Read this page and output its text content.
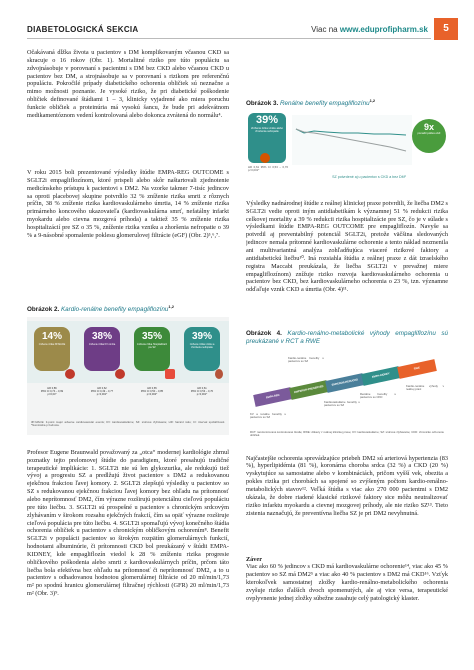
DIABETOLOGICKÁ SEKCIA	Viac na www.eduprofipharm.sk	5

Očakávaná dĺžka života u pacientov s DM komplikovaným včasnou CKD sa skracuje o 16 rokov (Obr. 1). Mortalitné riziko pre túto populáciu sa zdvojnásobuje v porovnaní s pacientmi s DM bez CKD alebo včasnou CKD u pacientov bez DM, a strojnásobuje sa v porovnaní s rizikom pre referenčnú populáciu. Pokročilé prípady diabetického ochorenia obličiek sú neznačne a mimo možnosti poznanie. Je vysoké riziko, že pri diabetické poškodenie obličiek definované štádiami 1 – 3, klinicky vyjadrené ako miera poruchu funkcie obličiek a proteinúria má vysokú šancu, že bude pri adekvátnom medikamentóznom vedení kontrolovaná alebo dokonca zvrátená do normálu⁴.

V roku 2015 boli prezentované výsledky štúdie EMPA-REG OUTCOME s SGLT2i empagliflozínom, ktoré prispeli alebo skôr naštartovali zjednotenie medicínskeho prístupu k pacientovi s DM2. Na vzorke takmer 7-tisíc jedincov sa oproti placebovej skupine potvrdilo 32 % zníženie rizika smrti z rôznych príčin, 38 % zníženie rizika kardiovaskulárneho úmrtia, 14 % zníženie rizika primárneho koncového ukazovateľa (kardiovaskulárna smrť, nefatálny infarkt myokardu alebo cievna mozgová príhoda) a taktiež 35 % zníženie rizika hospitalizácií pre SZ o 35 %, zníženie rizika vzniku a zhoršenia nefropatie o 39 % a 9-násobné spomalenie poklesu glomerulovej filtrácie (eGF) (Obr. 2)⁵,⁶,⁷.

Obrázok 2. Kardio-renálne benefity empagliflozínu$^{1,2}$
14%
zníženie rizika 3P-MACE
38%
zníženie rizika KV úmrtia
35%
zníženie rizika Hospitalizácií pre SZ
39%
zníženie rizika vzniku a zhoršenia nefropatie
HR 0,86
95% CI 0,74 – 0,99
p=0,04*
HR 0,62
95% CI 0,49 – 0,77
p<0,001*
HR 0,65
95% CI 0,50 – 0,85
p=0,002*
HR 0,61
95% CI 0,53 – 0,70
p<0,001*
3P-MACE: 3-point major adverse cardiovascular events; KV: kardiovaskulárne; SZ: srdcové zlyhávanie; HR: hazard ratio; CI: interval spoľahlivosti. *Nominálna p hodnota.

Profesor Eugene Braunwald považovaný za „otca“ modernej kardiológie zhrnul poznatky tejto prelomovej štúdie do paradigiem, ktoré presahujú tradičné terapeutické implikácie: 1. SGLT2i nie sú len glykozurika, ale redukujú tiež vývoj a progresiu SZ a predlžujú život pacientov s DM2 a redukovanou ejekčnou frakciou ľavej komory. 2. SGLT2i zlepšujú výsledky u pacientov so SZ s redukovanou ejekčnou frakciou ľavej komory bez ohľadu na prítomnosť alebo neprítomnosť DM2, čím výrazne rozširujú potenciálnu cieľovú populáciu pre túto liečbu. 3. SGLT2i sú prospešné u pacientov s chronickým srdcovým zlyhávaním v širokom rozsahu ejekčných frakcií, čím sa opäť výrazne rozširuje cieľová populácia pre túto liečbu. 4. SGLT2i spomaľujú vývoj konečného štádia ochorenia obličiek u pacientov s chronickým obličkovým ochorením⁸. Benefit SGLT2i v populácii pacientov so širokým rozpätím glomerulárnych funkcií, hodnotami albuminúrie, či prítomnosti CKD bol preukázaný v štúdii EMPA-KIDNEY, kde empagliflozín viedol k 28 % zníženiu rizika progresie obličkového poškodenia alebo smrti z kardiovaskulárnych príčin, prčom táto liečba bola efektívna bez ohľadu na prítomnosť či neprítomnosť DM2, a to u pacientov s odhadovanou hodnotou glomerulárnej filtrácie od 20 ml/min/1,73 m² po spodnú hranicu glomerulárnej filtračnej rýchlosti (GFR) 20 ml/min/1,73 m² (Obr. 3)⁹.

Obrázok 3. Renálne benefity empagliflozínu$^{1,2}$
39%
Zníženie rizika vzniku alebo zhoršenia nefropatie
HR 0,61 95% CI 0,53 – 0,70 p<0,001*
9x
pomalší pokles eGF
SZ potvrdené aj u pacientov s CKD a bez DM²

Výsledky nadnárodnej štúdie z reálnej klinickej praxe potvrdili, že liečba DM2 s SGLT2i vedie oproti iným antidiabetikám k významnej 51 % redukcii rizika celkovej mortality a 39 % redukcii rizika hospitalizácie pre SZ, čo je v súlade s výsledkami štúdie EMPA-REG OUTCOME pre empagliflozín. Navyše sa potvrdil aj preventabilný potenciál SGLT2i, pretože väčšina sledovaných jedincov nemala prítomné kardiovaskulárne ochorenie a tento náklad nezmenila ani multivariantná analýza zohľadňujúca viaceré rizikové faktory a antidiabetickú liečbu¹⁰. Iná rozsiahla štúdia z reálnej praxe z dát izraelského registra Maccabi preukázala, že liečba SGLT2i v prevažnej miere empagliflozínom) znížuje riziko rozvoja kardiovaskulárneho ochorenia u pacientov bez CKD, bez kardiovaskulárneho ochorenia o 23 %, tzn. významne odďaľuje vznik CKD a úmrtia (Obr. 4)¹¹.

Obrázok 4. Kardio-renálno-metabolické výhody empagliflozínu sú preukázané v RCT a RWE
EMPA-REG
EMPEROR-PRESERVED
EMPEROR-REDUCED
EMPA-KIDNEY
RWE
KV a renálne benefity u pacientov so SZ
Kardio-renálne benefity u pacientov so SZ
Kardiovaskulárne benefity u pacientov so SZ
Renálne benefity u pacientov so CKD
Kardio-renálne výhody v reálnej praxi
RCT: randomizované kontrolované štúdie; RWE: dôkazy z reálnej klinickej praxe; KV: kardiovaskulárne; SZ: srdcové zlyhávanie; CKD: chronické ochorenie obličiek.

Najčastejšie ochorenia sprevádzajúce priebeh DM2 sú arteriová hypertenzia (83 %), hyperlipidémia (81 %), koronárna choroba srdca (32 %) a CKD (20 %) vyskytujúce sa samostatne alebo v kombináciách, pričom vyšší vek, obezita a pokles rizika pri chorobách sa spojené so zvýšeným počtom kardio-renálno-metabolických stavov¹². Veľká štúdia s viac ako 270 000 pacientmi s DM2 ukázala, že dobre riadené klasické rizikové faktory sice môžu neutralizovať riziko infarktu myokardu a cievnej mozgovej príhody, ale nie riziko SZ¹³. Tieto zistenia naznačujú, že preventívna liečba SZ je pri DM2 nevyhnutná.

Záver

Viac ako 60 % jedincov s CKD má kardiovaskulárne ochorenie¹⁴, viac ako 45 % pacientov so SZ má DM2⁵ a viac ako 40 % pacientov s DM2 má CKD¹⁶. Vzťyk kterokoľvek samostatnej zložky kardio-renálno-metabolického ochorenia zvyšuje riziko ďalších dvoch spomenutých, ale aj vice versa, terapeutické ovplyvnenie jednej zložky súbežne zasahuje celý patologický klaster.
